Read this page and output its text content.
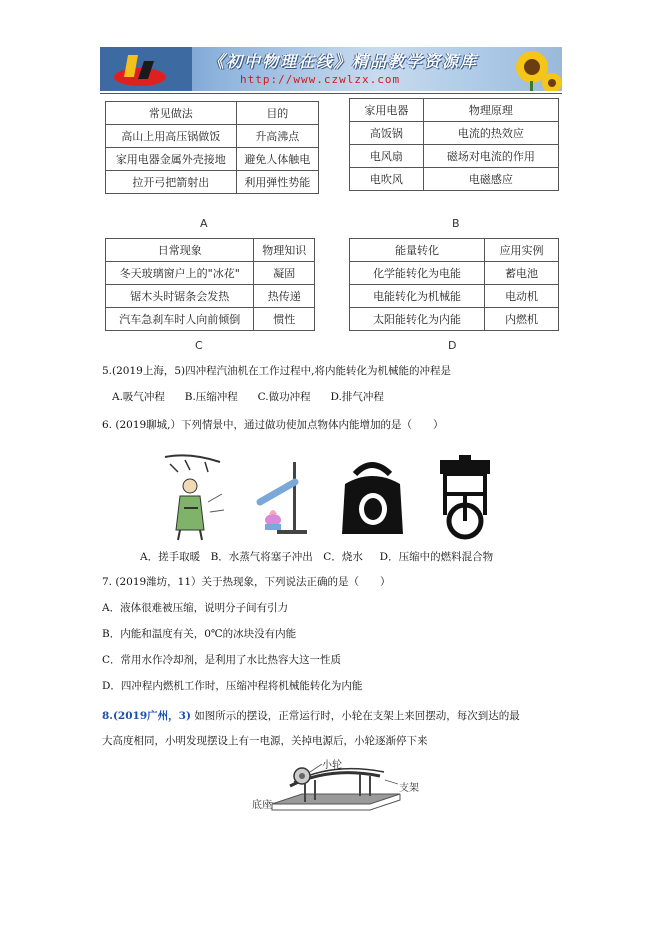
《初中物理在线》精品教学资源库
http://www.czwlzx.com
常见做法	目的
高山上用高压锅做饭	升高沸点
家用电器金属外壳接地	避免人体触电
拉开弓把箭射出	利用弹性势能
A
家用电器	物理原理
高饭锅	电流的热效应
电风扇	磁场对电流的作用
电吹风	电磁感应
B
日常现象	物理知识
冬天玻璃窗户上的"冰花"	凝固
锯木头时锯条会发热	热传递
汽车急刹车时人向前倾倒	惯性
C
能量转化	应用实例
化学能转化为电能	蓄电池
电能转化为机械能	电动机
太阳能转化为内能	内燃机
D
5.(2019上海，5)四冲程汽油机在工作过程中,将内能转化为机械能的冲程是
A.吸气冲程　 B.压缩冲程　 C.做功冲程　 D.排气冲程
6. (2019聊城,）下列情景中，通过做功使加点物体内能增加的是（　　）
A．搓手取暖　B．水蒸气将塞子冲出　C．烧水　 D．压缩中的燃料混合物
7. (2019潍坊，11）关于热现象，下列说法正确的是（　　）
A．液体很难被压缩，说明分子间有引力
B．内能和温度有关，0℃的冰块没有内能
C．常用水作冷却剂，是利用了水比热容大这一性质
D．四冲程内燃机工作时，压缩冲程将机械能转化为内能
8.(2019广州，3) 如图所示的摆设，正常运行时，小轮在支架上来回摆动，每次到达的最
大高度相同，小明发现摆设上有一电源，关掉电源后，小轮逐渐停下来
小轮
支架
底座
